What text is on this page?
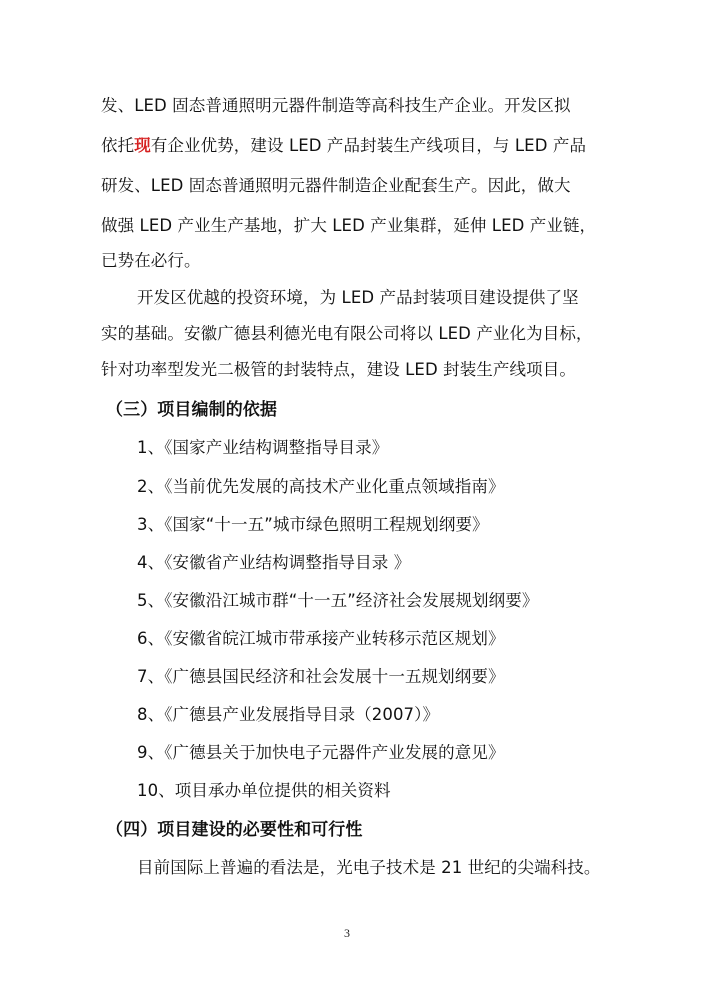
发、LED 固态普通照明元器件制造等高科技生产企业。开发区拟
依托现有企业优势，建设 LED 产品封装生产线项目，与 LED 产品
研发、LED 固态普通照明元器件制造企业配套生产。因此，做大
做强 LED 产业生产基地，扩大 LED 产业集群，延伸 LED 产业链，
已势在必行。
开发区优越的投资环境，为 LED 产品封装项目建设提供了坚
实的基础。安徽广德县利德光电有限公司将以 LED 产业化为目标，
针对功率型发光二极管的封装特点，建设 LED 封装生产线项目。
（三）项目编制的依据
1、《国家产业结构调整指导目录》
2、《当前优先发展的高技术产业化重点领域指南》
3、《国家“十一五”城市绿色照明工程规划纲要》
4、《安徽省产业结构调整指导目录 》
5、《安徽沿江城市群“十一五”经济社会发展规划纲要》
6、《安徽省皖江城市带承接产业转移示范区规划》
7、《广德县国民经济和社会发展十一五规划纲要》
8、《广德县产业发展指导目录（2007）》
9、《广德县关于加快电子元器件产业发展的意见》
10、项目承办单位提供的相关资料
（四）项目建设的必要性和可行性
目前国际上普遍的看法是，光电子技术是 21 世纪的尖端科技。
3
